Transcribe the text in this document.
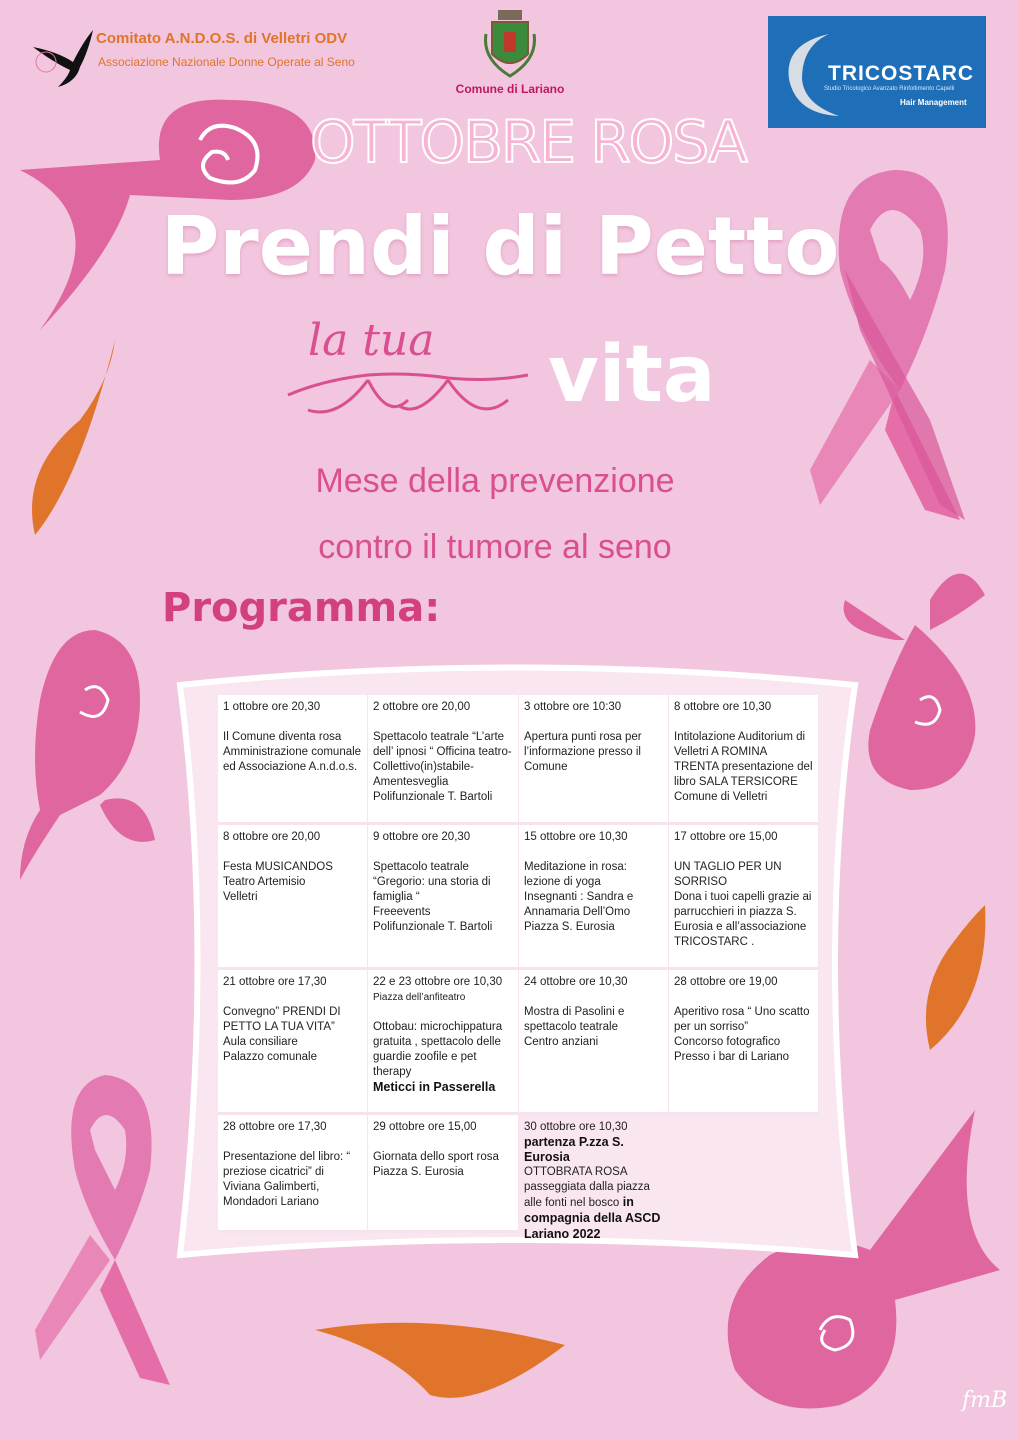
Comitato A.N.D.O.S. di Velletri ODV
Associazione Nazionale Donne Operate al Seno
Comune di Lariano
TRICOSTARC
Studio Tricologico Avanzato Rinfoltimento Capelli
Hair Management
OTTOBRE ROSA
Prendi di Petto
la tua vita
Mese della prevenzione
contro il tumore al seno
Programma:
1 ottobre ore 20,30
Il Comune diventa rosa
Amministrazione comunale ed Associazione A.n.d.o.s.
2 ottobre ore 20,00
Spettacolo teatrale “L’arte dell’ ipnosi “ Officina teatro-Collettivo(in)stabile-Amentesveglia
Polifunzionale T. Bartoli
3 ottobre ore 10:30
Apertura punti rosa per l’informazione presso il Comune
8 ottobre ore 10,30
Intitolazione Auditorium di Velletri A ROMINA TRENTA presentazione del libro SALA TERSICORE
Comune di Velletri
8 ottobre ore 20,00
Festa MUSICANDOS
Teatro Artemisio
Velletri
9 ottobre ore 20,30
Spettacolo teatrale “Gregorio: una storia di famiglia “
Freeevents
Polifunzionale T. Bartoli
15 ottobre ore 10,30
Meditazione in rosa: lezione di yoga
Insegnanti : Sandra e Annamaria Dell’Omo
Piazza S. Eurosia
17 ottobre ore 15,00
UN TAGLIO PER UN SORRISO
Dona i tuoi capelli grazie ai parrucchieri in piazza S. Eurosia e all’associazione TRICOSTARC .
21 ottobre ore 17,30
Convegno” PRENDI DI PETTO LA TUA VITA”
Aula consiliare
Palazzo comunale
22 e 23 ottobre ore 10,30 Piazza dell’anfiteatro
Ottobau: microchippatura gratuita , spettacolo delle guardie zoofile e pet therapy
Meticci in Passerella
24 ottobre ore 10,30
Mostra di Pasolini e spettacolo teatrale
Centro anziani
28 ottobre ore 19,00
Aperitivo rosa “ Uno scatto per un sorriso”
Concorso fotografico
Presso i bar di Lariano
28 ottobre ore 17,30
Presentazione del libro: “ preziose cicatrici” di Viviana Galimberti, Mondadori Lariano
29 ottobre ore 15,00
Giornata dello sport rosa Piazza S. Eurosia
30 ottobre ore 10,30
partenza P.zza S. Eurosia
OTTOBRATA ROSA passeggiata dalla piazza alle fonti nel bosco in compagnia della ASCD Lariano 2022
fmB
